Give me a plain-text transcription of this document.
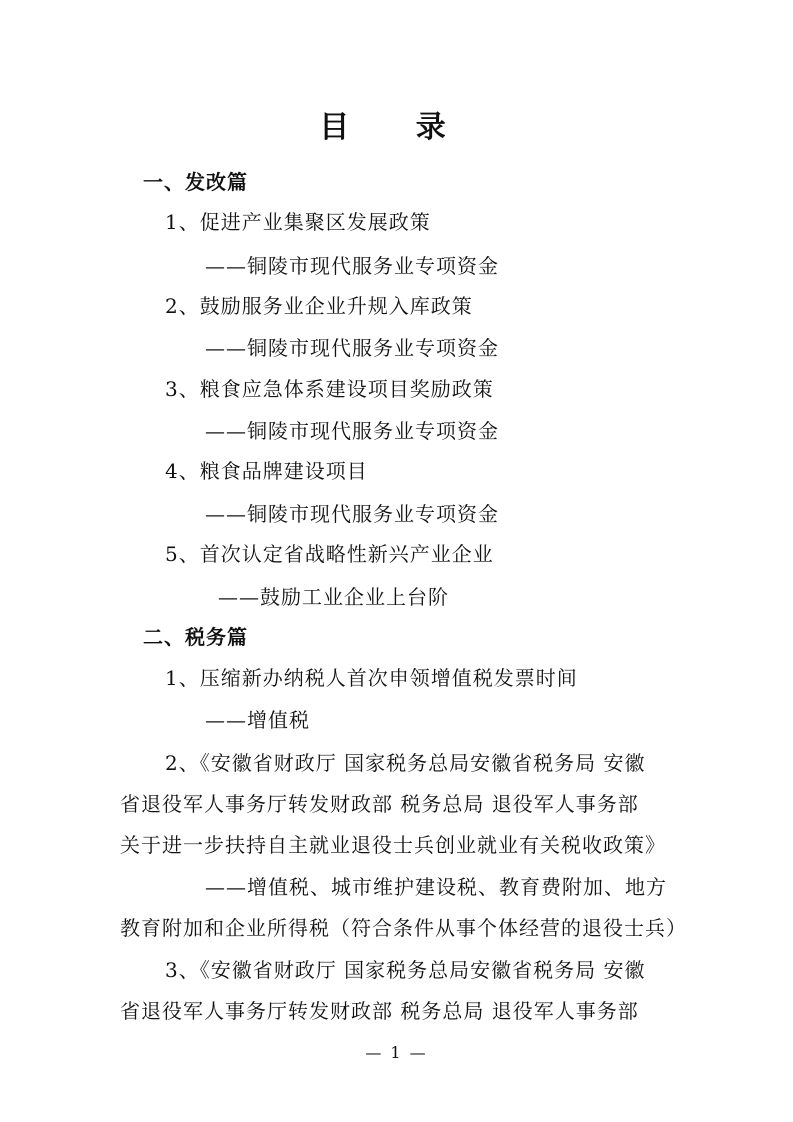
目 录
一、发改篇
1、促进产业集聚区发展政策
——铜陵市现代服务业专项资金
2、鼓励服务业企业升规入库政策
——铜陵市现代服务业专项资金
3、粮食应急体系建设项目奖励政策
——铜陵市现代服务业专项资金
4、粮食品牌建设项目
——铜陵市现代服务业专项资金
5、首次认定省战略性新兴产业企业
——鼓励工业企业上台阶
二、税务篇
1、压缩新办纳税人首次申领增值税发票时间
——增值税
2、《安徽省财政厅 国家税务总局安徽省税务局 安徽
省退役军人事务厅转发财政部 税务总局 退役军人事务部
关于进一步扶持自主就业退役士兵创业就业有关税收政策》
——增值税、城市维护建设税、教育费附加、地方
教育附加和企业所得税（符合条件从事个体经营的退役士兵）
3、《安徽省财政厅 国家税务总局安徽省税务局 安徽
省退役军人事务厅转发财政部 税务总局 退役军人事务部
— 1 —
